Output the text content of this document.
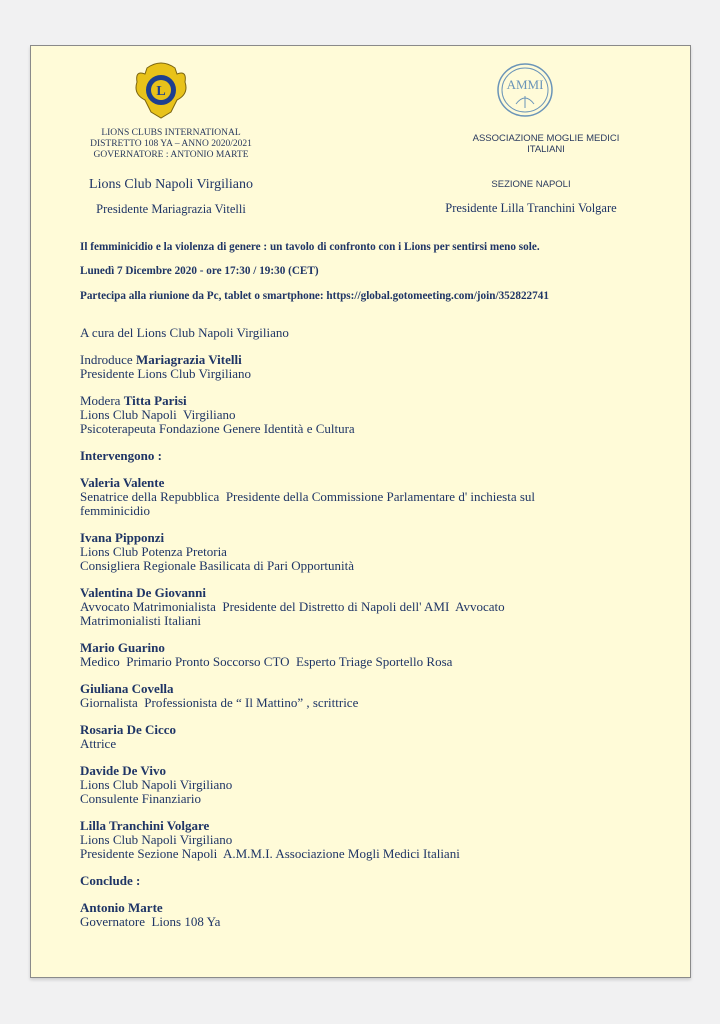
L
LIONS CLUBS INTERNATIONAL
DISTRETTO 108 YA – ANNO 2020/2021
GOVERNATORE : ANTONIO MARTE
Lions Club Napoli Virgiliano
Presidente Mariagrazia Vitelli
AMMI
ASSOCIAZIONE MOGLIE MEDICI
ITALIANI
SEZIONE NAPOLI
Presidente Lilla Tranchini Volgare
Il femminicidio e la violenza di genere : un tavolo di confronto con i Lions per sentirsi meno sole.
Lunedì 7 Dicembre 2020 - ore 17:30 / 19:30 (CET)
Partecipa alla riunione da Pc, tablet o smartphone: https://global.gotomeeting.com/join/352822741
A cura del Lions Club Napoli Virgiliano
Indroduce Mariagrazia Vitelli
Presidente Lions Club Virgiliano
Modera Titta Parisi
Lions Club Napoli  Virgiliano
Psicoterapeuta Fondazione Genere Identità e Cultura
Intervengono :
Valeria Valente
Senatrice della Repubblica  Presidente della Commissione Parlamentare d' inchiesta sul
femminicidio
Ivana Pipponzi
Lions Club Potenza Pretoria
Consigliera Regionale Basilicata di Pari Opportunità
Valentina De Giovanni
Avvocato Matrimonialista  Presidente del Distretto di Napoli dell' AMI  Avvocato
Matrimonialisti Italiani
Mario Guarino
Medico  Primario Pronto Soccorso CTO  Esperto Triage Sportello Rosa
Giuliana Covella
Giornalista  Professionista de “ Il Mattino” , scrittrice
Rosaria De Cicco
Attrice
Davide De Vivo
Lions Club Napoli Virgiliano
Consulente Finanziario
Lilla Tranchini Volgare
Lions Club Napoli Virgiliano
Presidente Sezione Napoli  A.M.M.I. Associazione Mogli Medici Italiani
Conclude :
Antonio Marte
Governatore  Lions 108 Ya
